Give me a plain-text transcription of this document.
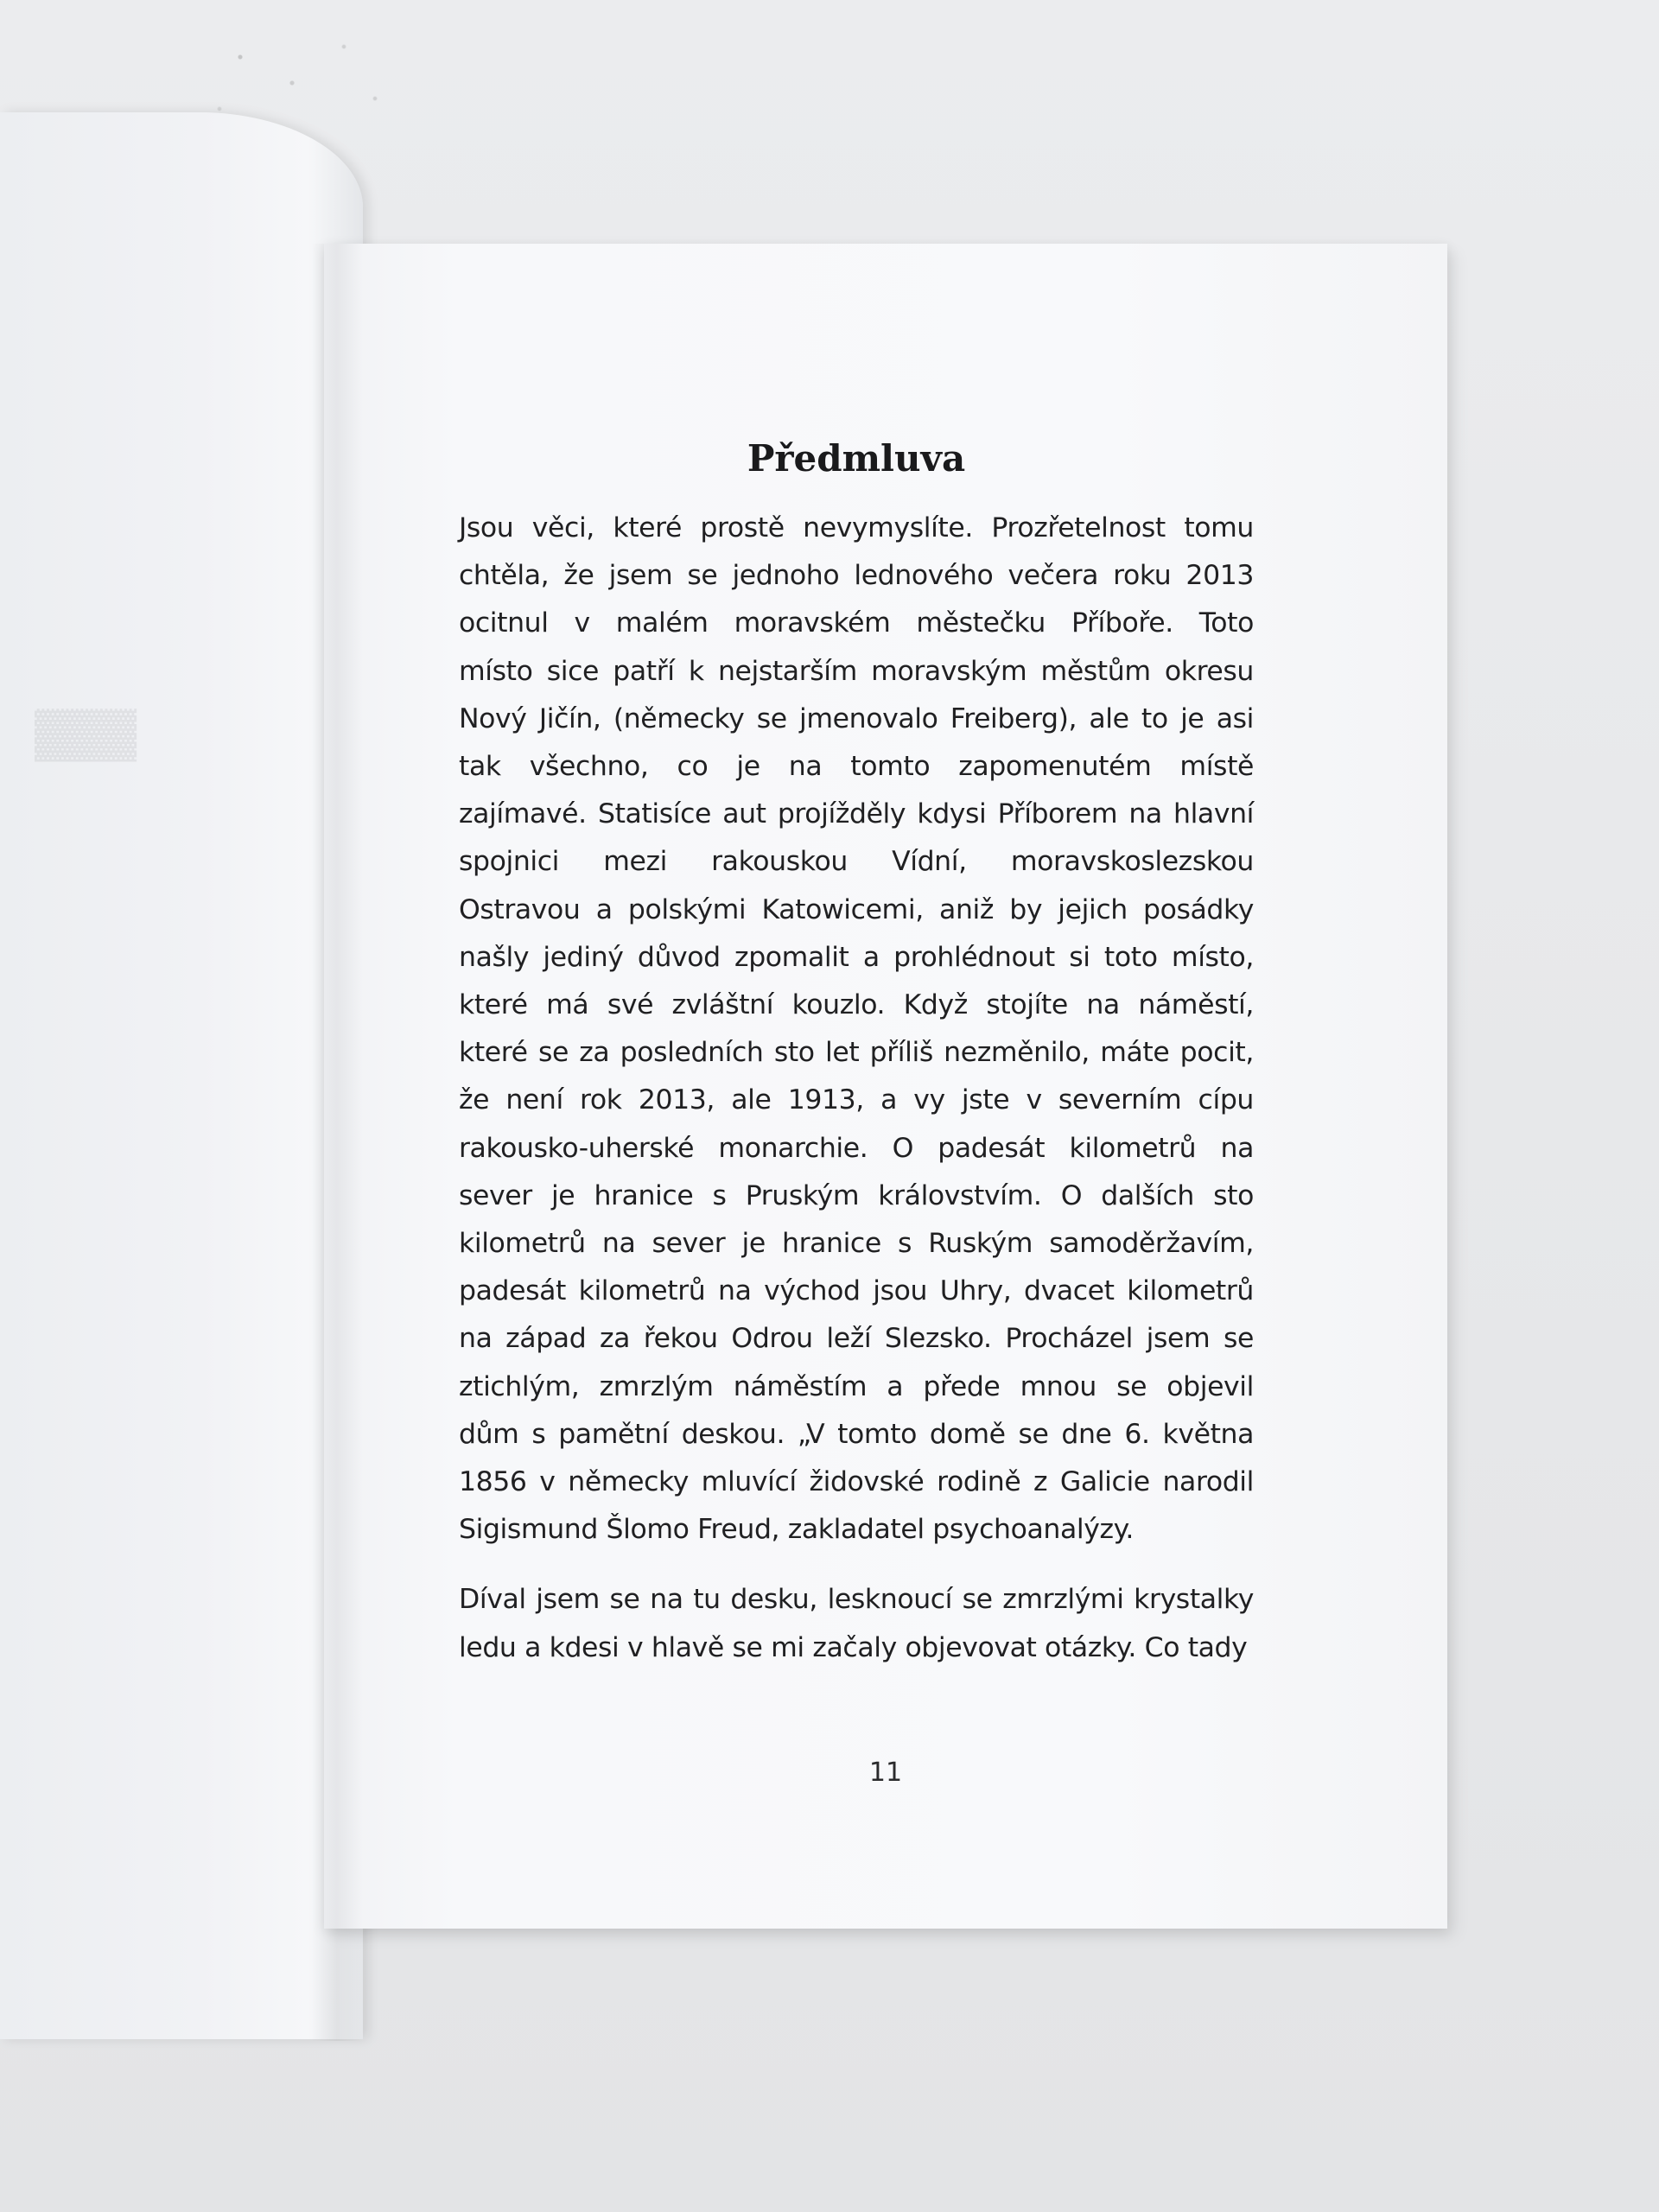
▓▓▓
Předmluva

Jsou věci, které prostě nevymyslíte. Prozřetelnost tomu
chtěla, že jsem se jednoho lednového večera roku 2013
ocitnul v malém moravském městečku Příboře. Toto
místo sice patří k nejstarším moravským městům okresu
Nový Jičín, (německy se jmenovalo Freiberg), ale to je asi
tak všechno, co je na tomto zapomenutém místě
zajímavé. Statisíce aut projížděly kdysi Příborem na hlavní
spojnici mezi rakouskou Vídní, moravskoslezskou
Ostravou a polskými Katowicemi, aniž by jejich posádky
našly jediný důvod zpomalit a prohlédnout si toto místo,
které má své zvláštní kouzlo. Když stojíte na náměstí,
které se za posledních sto let příliš nezměnilo, máte pocit,
že není rok 2013, ale 1913, a vy jste v severním cípu
rakousko-uherské monarchie. O padesát kilometrů na
sever je hranice s Pruským královstvím. O dalších sto
kilometrů na sever je hranice s Ruským samoděržavím,
padesát kilometrů na východ jsou Uhry, dvacet kilometrů
na západ za řekou Odrou leží Slezsko. Procházel jsem se
ztichlým, zmrzlým náměstím a přede mnou se objevil
dům s pamětní deskou. „V tomto domě se dne 6. května
1856 v německy mluvící židovské rodině z Galicie narodil
Sigismund Šlomo Freud, zakladatel psychoanalýzy.

Díval jsem se na tu desku, lesknoucí se zmrzlými krystalky
ledu a kdesi v hlavě se mi začaly objevovat otázky. Co tady

11
